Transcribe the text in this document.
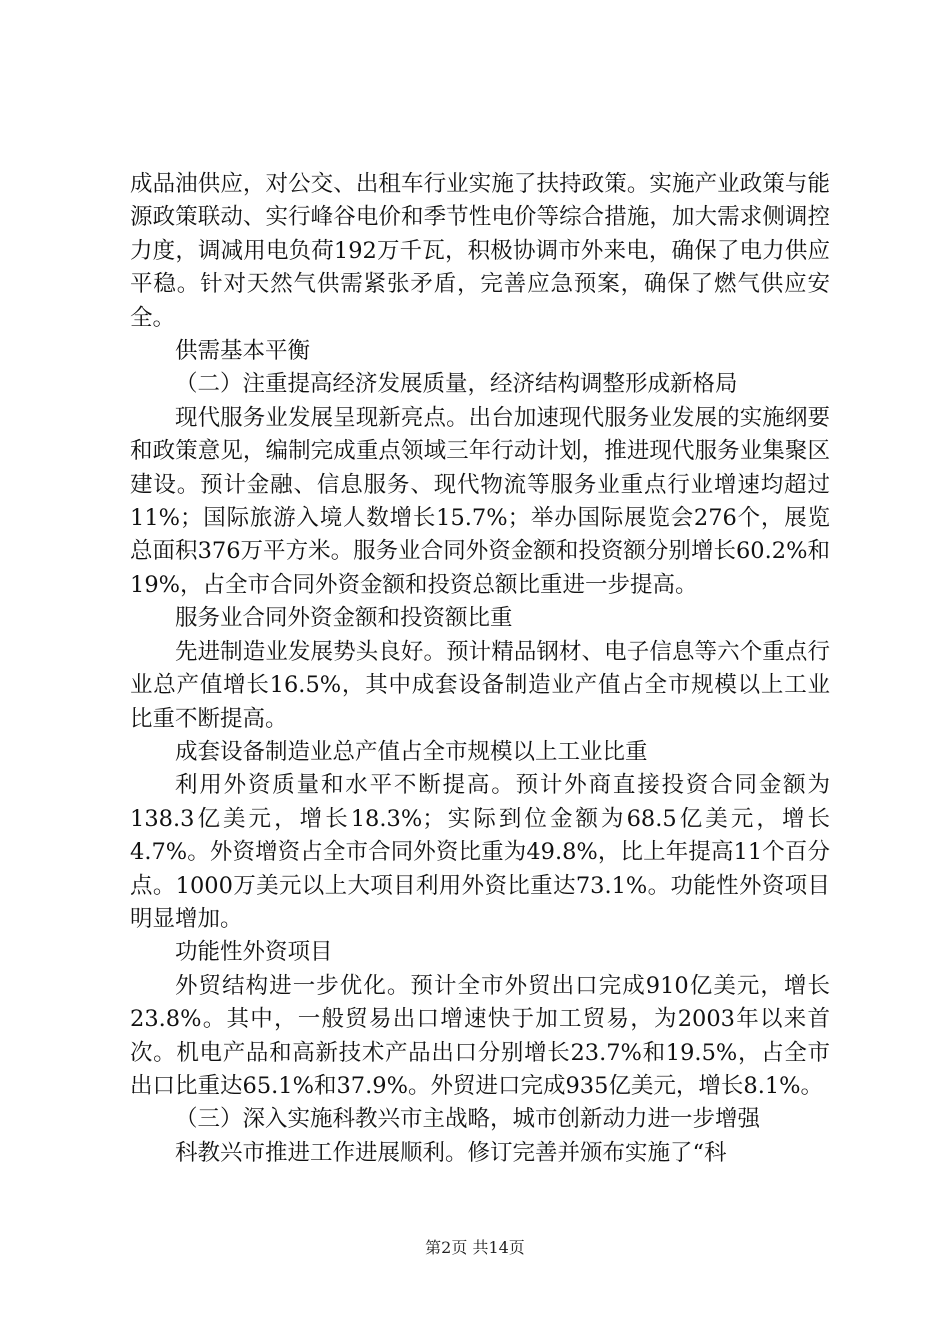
成品油供应，对公交、出租车行业实施了扶持政策。实施产业政策与能源政策联动、实行峰谷电价和季节性电价等综合措施，加大需求侧调控力度，调减用电负荷192万千瓦，积极协调市外来电，确保了电力供应平稳。针对天然气供需紧张矛盾，完善应急预案，确保了燃气供应安全。

供需基本平衡

（二）注重提高经济发展质量，经济结构调整形成新格局

现代服务业发展呈现新亮点。出台加速现代服务业发展的实施纲要和政策意见，编制完成重点领域三年行动计划，推进现代服务业集聚区建设。预计金融、信息服务、现代物流等服务业重点行业增速均超过11%；国际旅游入境人数增长15.7%；举办国际展览会276个，展览总面积376万平方米。服务业合同外资金额和投资额分别增长60.2%和19%，占全市合同外资金额和投资总额比重进一步提高。

服务业合同外资金额和投资额比重

先进制造业发展势头良好。预计精品钢材、电子信息等六个重点行业总产值增长16.5%，其中成套设备制造业产值占全市规模以上工业比重不断提高。

成套设备制造业总产值占全市规模以上工业比重

利用外资质量和水平不断提高。预计外商直接投资合同金额为138.3亿美元，增长18.3%；实际到位金额为68.5亿美元，增长4.7%。外资增资占全市合同外资比重为49.8%，比上年提高11个百分点。1000万美元以上大项目利用外资比重达73.1%。功能性外资项目明显增加。

功能性外资项目

外贸结构进一步优化。预计全市外贸出口完成910亿美元，增长23.8%。其中，一般贸易出口增速快于加工贸易，为2003年以来首次。机电产品和高新技术产品出口分别增长23.7%和19.5%，占全市出口比重达65.1%和37.9%。外贸进口完成935亿美元，增长8.1%。

（三）深入实施科教兴市主战略，城市创新动力进一步增强

科教兴市推进工作进展顺利。修订完善并颁布实施了“科

第2页 共14页
